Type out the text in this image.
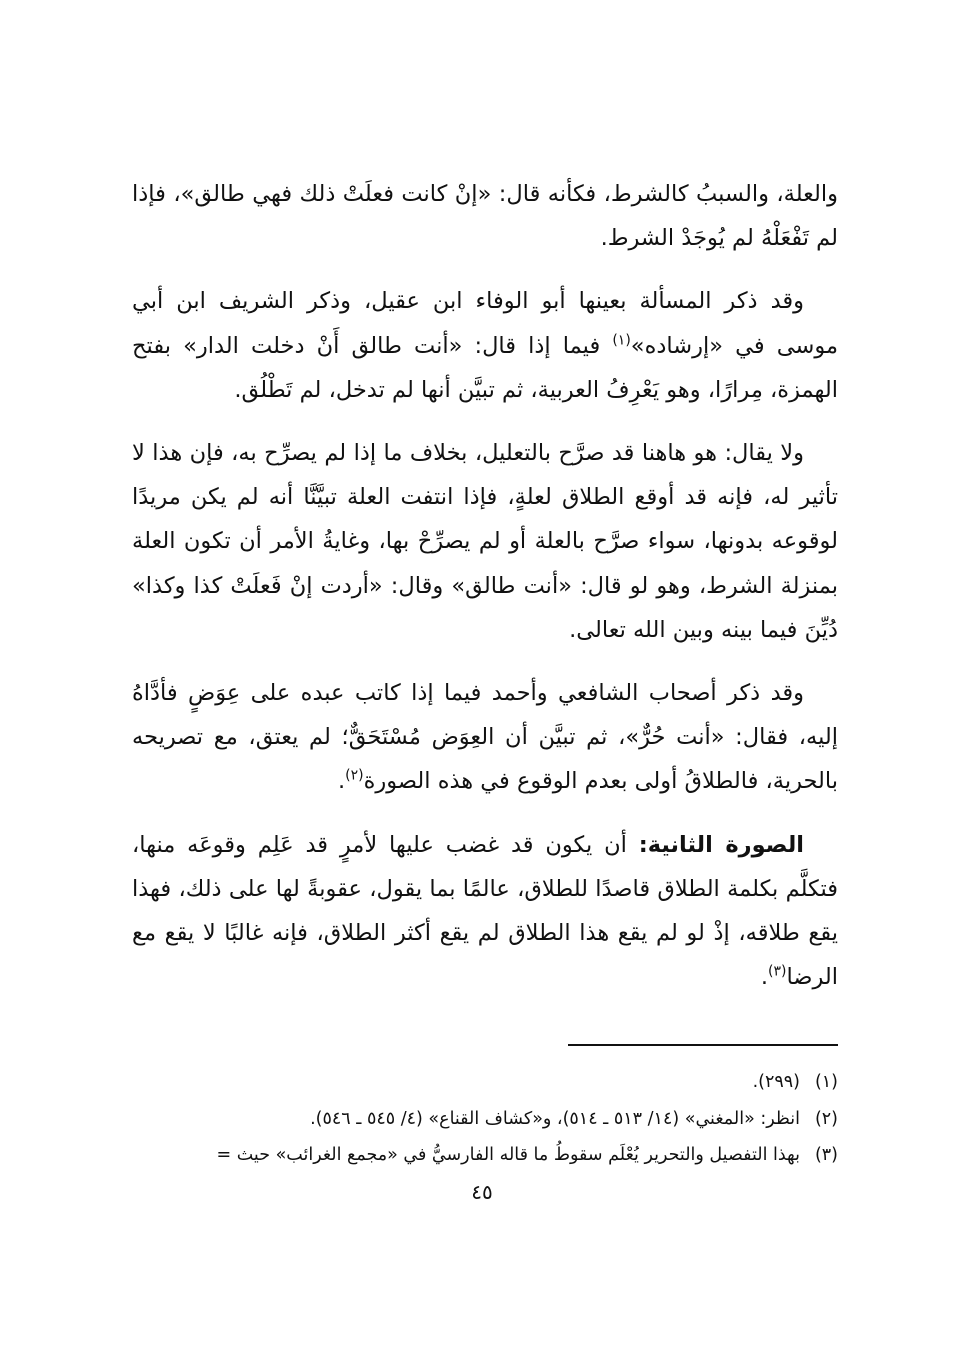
والعلة، والسببُ كالشرط، فكأنه قال: «إنْ كانت فعلَتْ ذلك فهي طالق»، فإذا لم تَفْعَلْهُ لم يُوجَدْ الشرط.

وقد ذكر المسألة بعينها أبو الوفاء ابن عقيل، وذكر الشريف ابن أبي موسى في «إرشاده»$^{(١)}$ فيما إذا قال: «أنت طالق أَنْ دخلت الدار» بفتح الهمزة، مِرارًا، وهو يَعْرِفُ العربية، ثم تبيَّن أنها لم تدخل، لم تَطْلُق.

ولا يقال: هو هاهنا قد صرَّح بالتعليل، بخلاف ما إذا لم يصرِّح به، فإن هذا لا تأثير له، فإنه قد أوقع الطلاق لعلةٍ، فإذا انتفت العلة تبيَّنَّا أنه لم يكن مريدًا لوقوعه بدونها، سواء صرَّح بالعلة أو لم يصرِّحْ بها، وغايةُ الأمر أن تكون العلة بمنزلة الشرط، وهو لو قال: «أنت طالق» وقال: «أردت إنْ فَعلَتْ كذا وكذا» دُيِّنَ فيما بينه وبين الله تعالى.

وقد ذكر أصحاب الشافعي وأحمد فيما إذا كاتب عبده على عِوَضٍ فأدَّاهُ إليه، فقال: «أنت حُرٌّ»، ثم تبيَّن أن العِوَض مُسْتَحَقٌّ؛ لم يعتق، مع تصريحه بالحرية، فالطلاقُ أولى بعدم الوقوع في هذه الصورة$^{(٢)}$.

الصورة الثانية: أن يكون قد غضب عليها لأمرٍ قد عَلِم وقوعَه منها، فتكلَّم بكلمة الطلاق قاصدًا للطلاق، عالمًا بما يقول، عقوبةً لها على ذلك، فهذا يقع طلاقه، إذْ لو لم يقع هذا الطلاق لم يقع أكثر الطلاق، فإنه غالبًا لا يقع مع الرضا$^{(٣)}$.

(١)
(٢٩٩).
(٢)
انظر: «المغني» (١٤/ ٥١٣ ـ ٥١٤)، و«كشاف القناع» (٤/ ٥٤٥ ـ ٥٤٦).
(٣)
بهذا التفصيل والتحرير يُعْلَم سقوطُ ما قاله الفارسيُّ في «مجمع الغرائب» حيث =
٤٥
